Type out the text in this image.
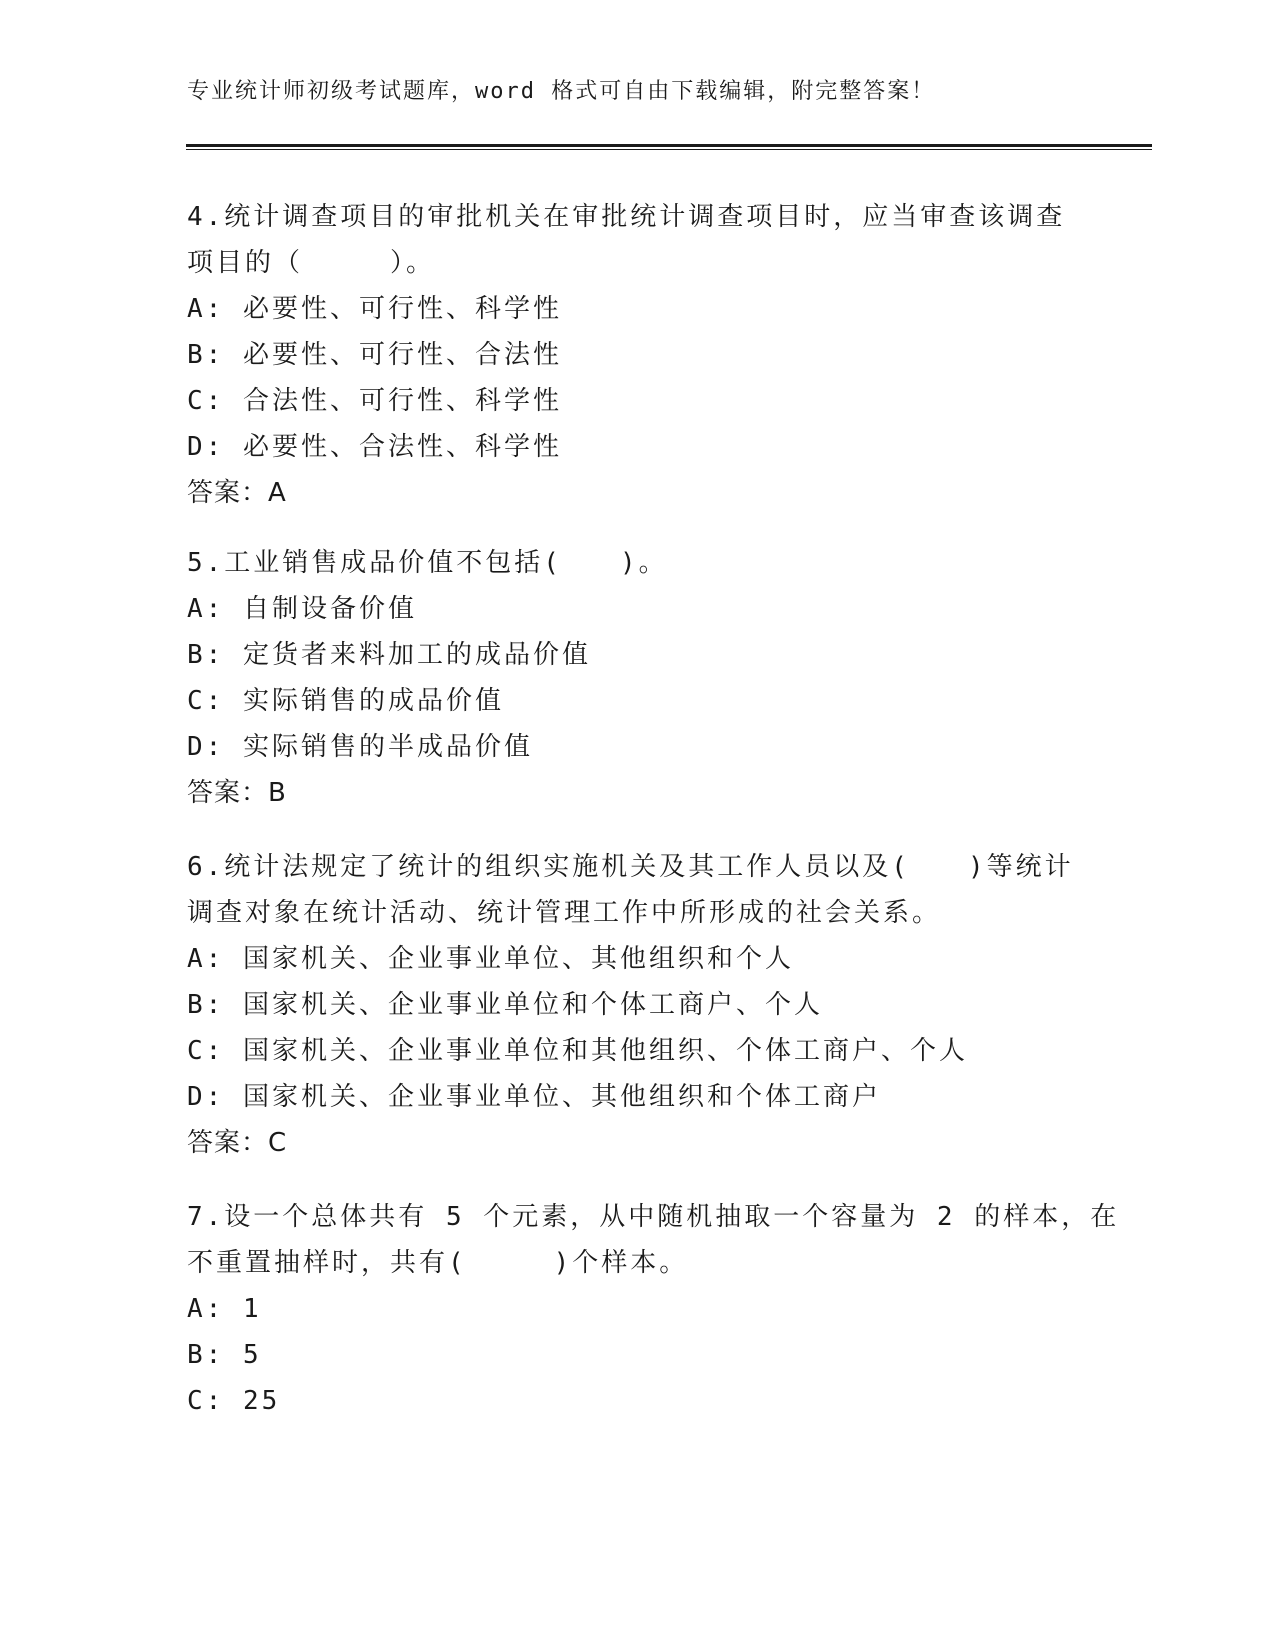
专业统计师初级考试题库，word 格式可自由下载编辑，附完整答案！

4.统计调查项目的审批机关在审批统计调查项目时，应当审查该调查

项目的（　　　）。

A: 必要性、可行性、科学性

B: 必要性、可行性、合法性

C: 合法性、可行性、科学性

D: 必要性、合法性、科学性

答案：A

5.工业销售成品价值不包括(　　)。

A: 自制设备价值

B: 定货者来料加工的成品价值

C: 实际销售的成品价值

D: 实际销售的半成品价值

答案：B

6.统计法规定了统计的组织实施机关及其工作人员以及(　　)等统计

调查对象在统计活动、统计管理工作中所形成的社会关系。

A: 国家机关、企业事业单位、其他组织和个人

B: 国家机关、企业事业单位和个体工商户、个人

C: 国家机关、企业事业单位和其他组织、个体工商户、个人

D: 国家机关、企业事业单位、其他组织和个体工商户

答案：C

7.设一个总体共有 5 个元素，从中随机抽取一个容量为 2 的样本，在

不重置抽样时，共有(　　　)个样本。

A: 1

B: 5

C: 25
